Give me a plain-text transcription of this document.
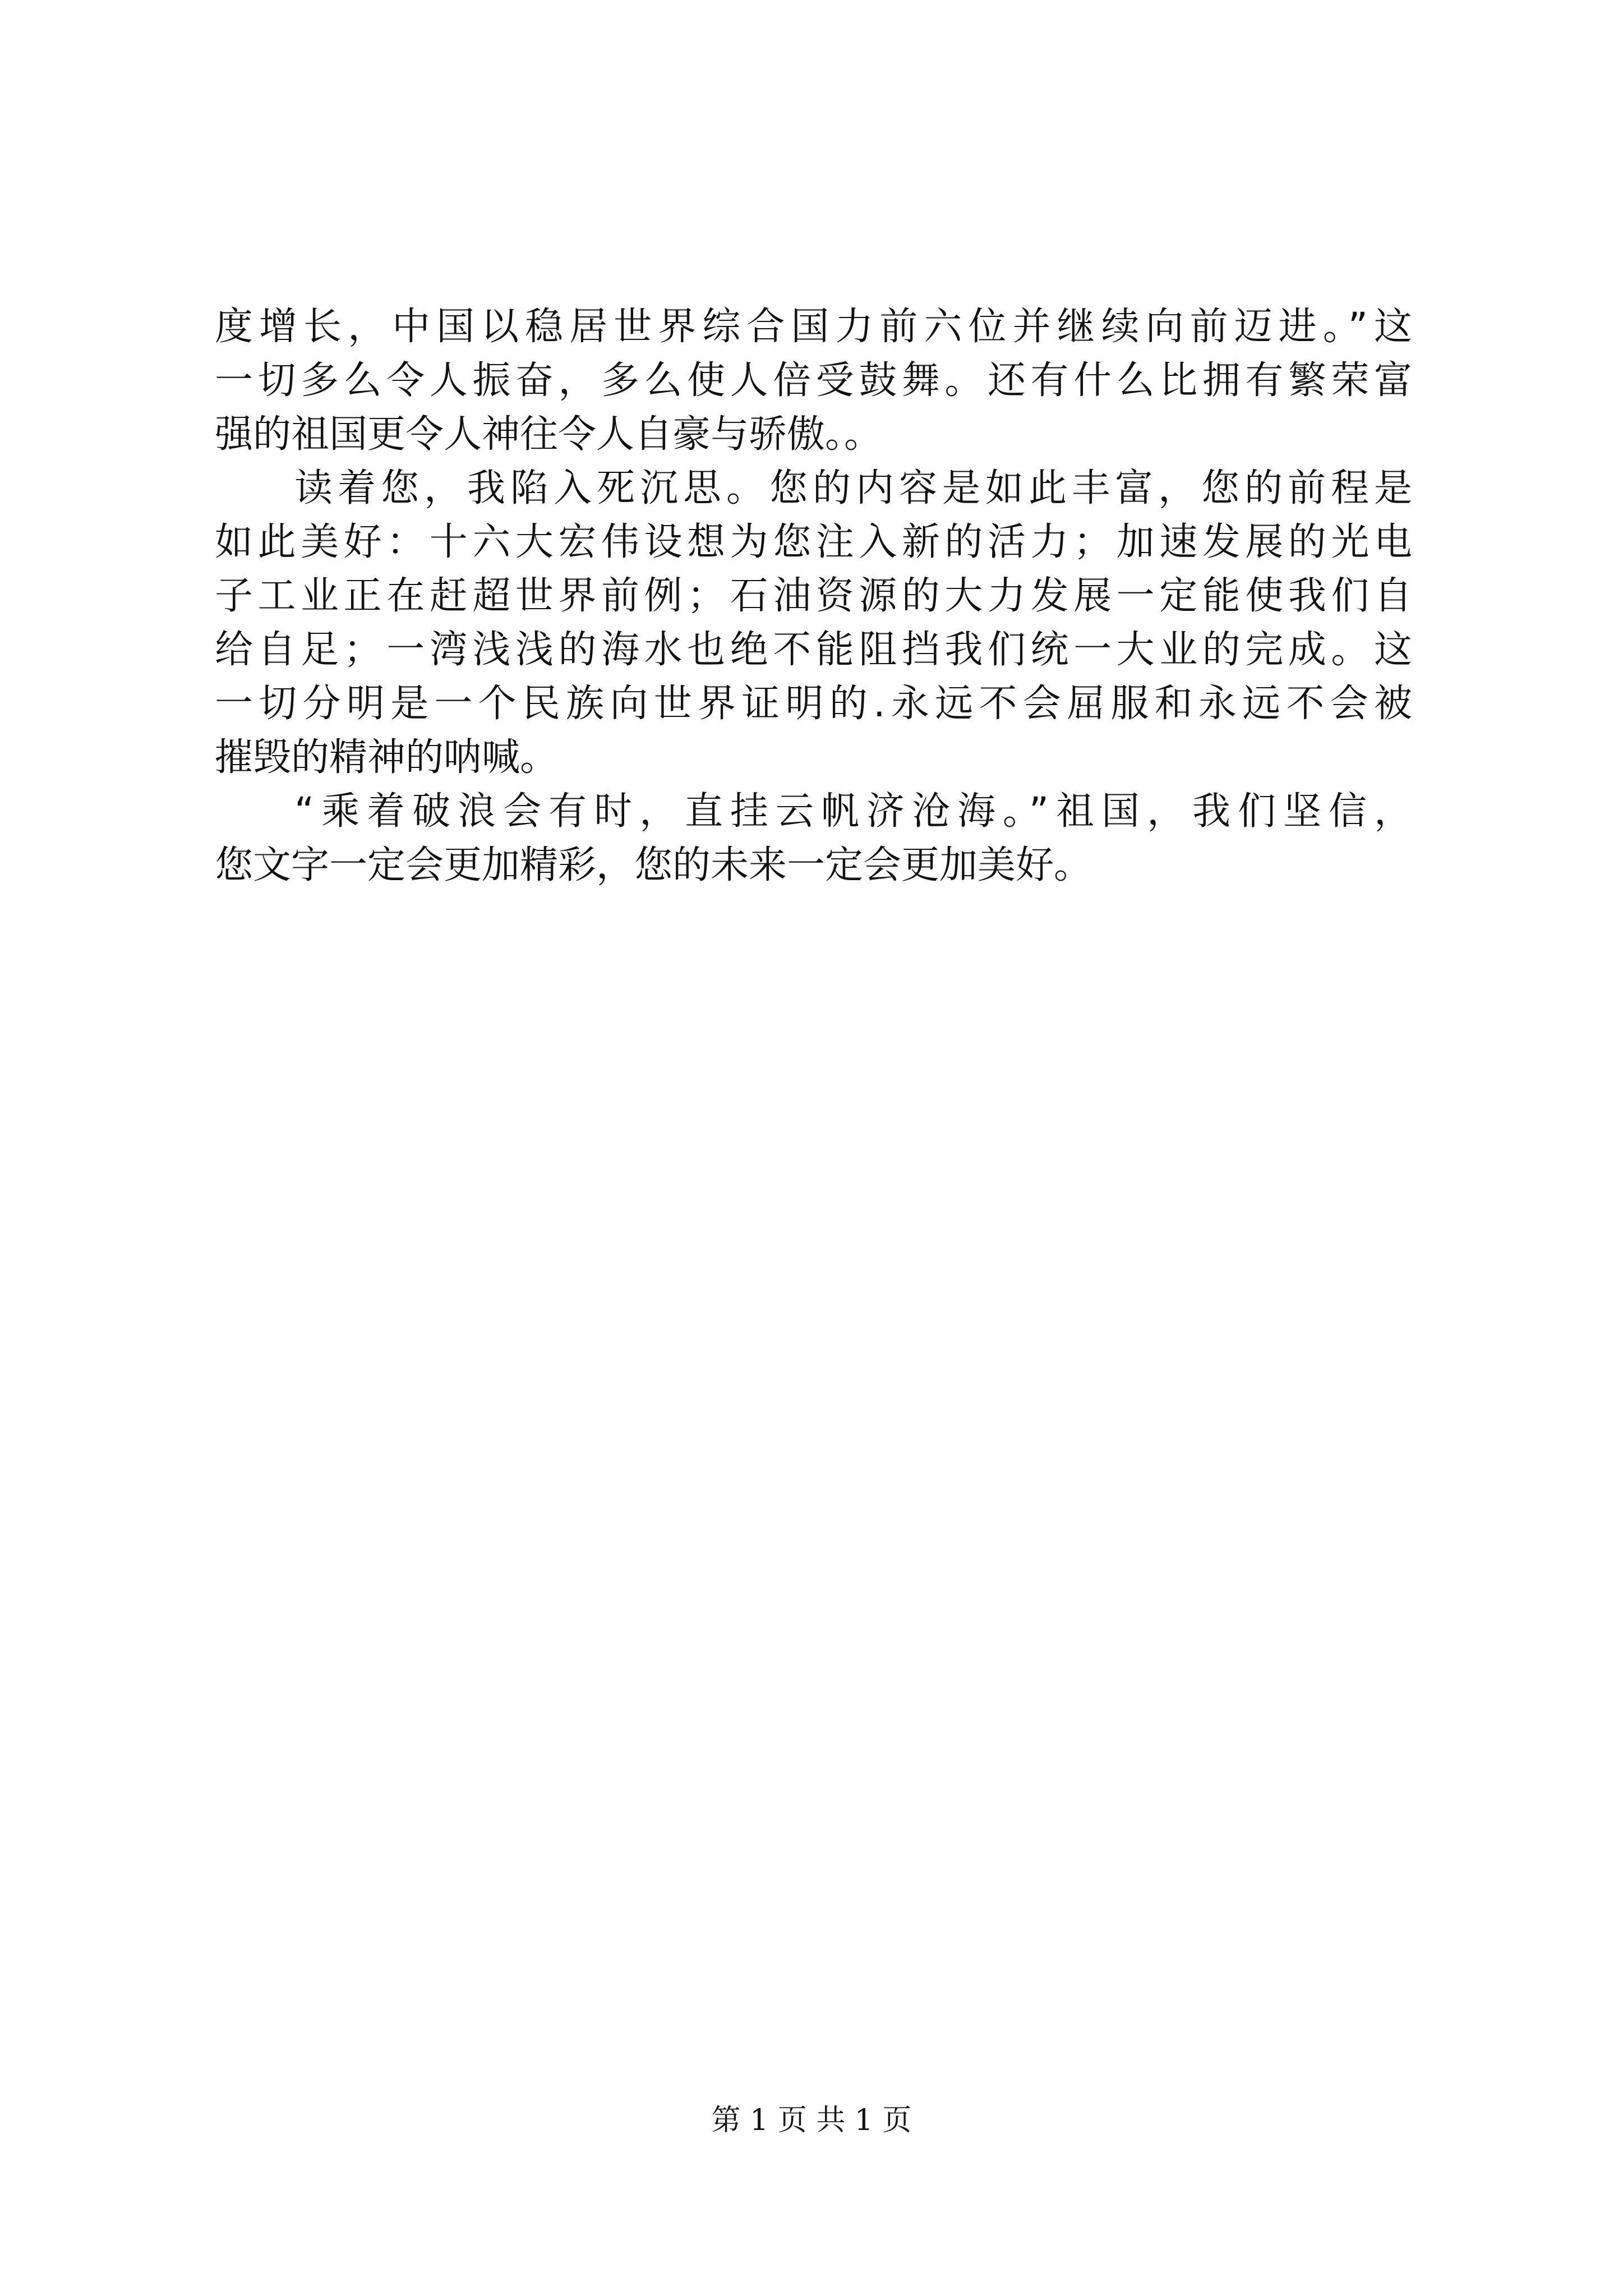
度增长，中国以稳居世界综合国力前六位并继续向前迈进。”这

一切多么令人振奋，多么使人倍受鼓舞。还有什么比拥有繁荣富

强的祖国更令人神往令人自豪与骄傲。。

读着您，我陷入死沉思。您的内容是如此丰富，您的前程是

如此美好：十六大宏伟设想为您注入新的活力；加速发展的光电

子工业正在赶超世界前例；石油资源的大力发展一定能使我们自

给自足；一湾浅浅的海水也绝不能阻挡我们统一大业的完成。这

一切分明是一个民族向世界证明的.永远不会屈服和永远不会被

摧毁的精神的呐喊。

“乘着破浪会有时，直挂云帆济沧海。”祖国，我们坚信，

您文字一定会更加精彩，您的未来一定会更加美好。

第 1 页 共 1 页
